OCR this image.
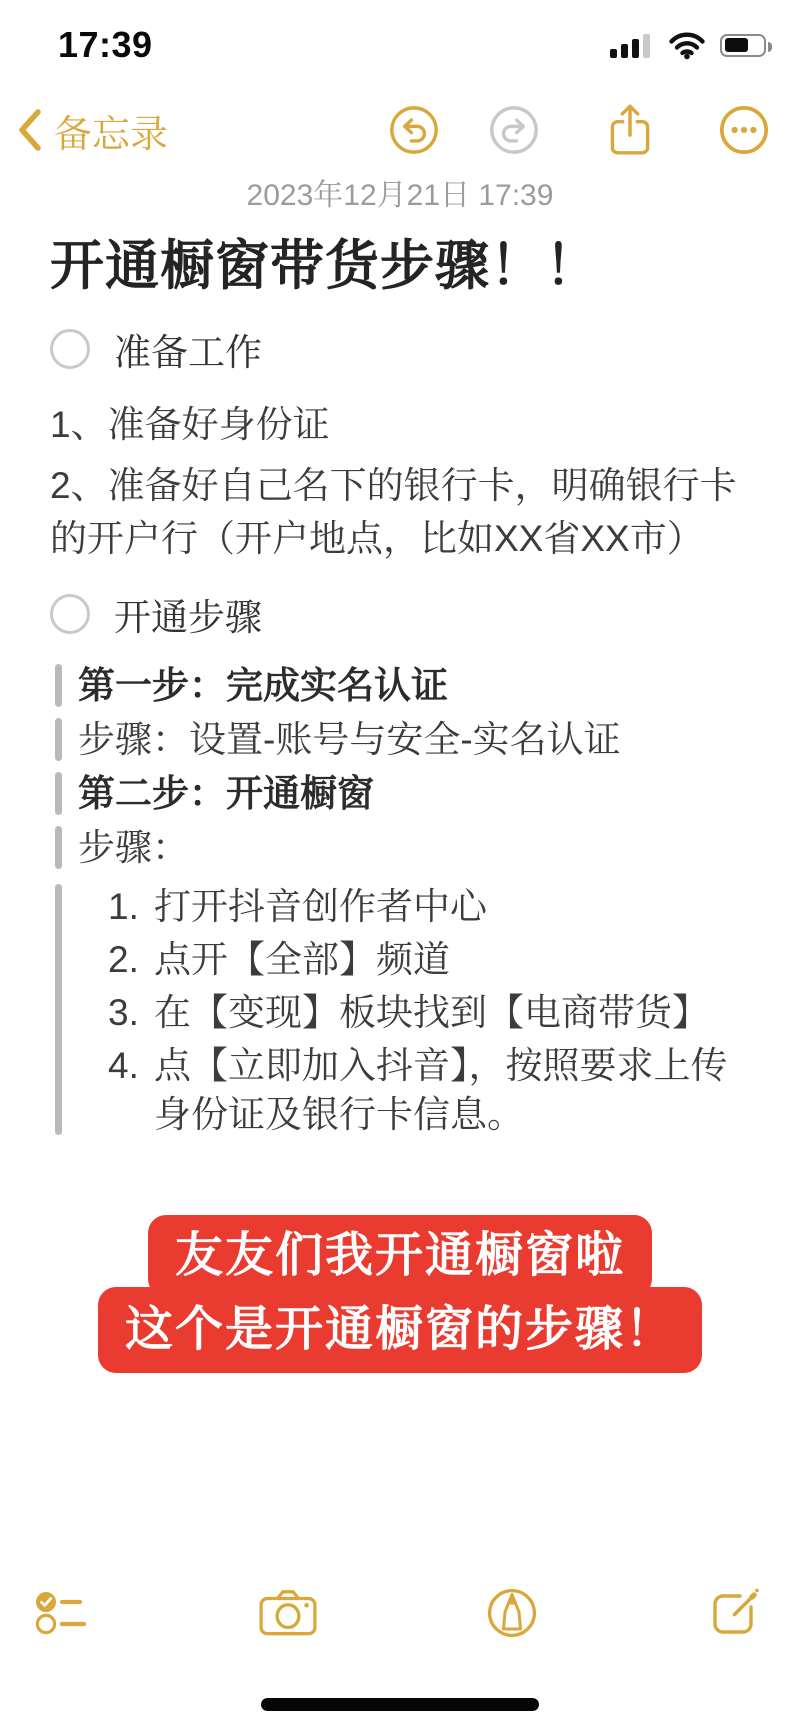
17:39
备忘录
2023年12月21日 17:39
开通橱窗带货步骤！！
准备工作
1、准备好身份证
2、准备好自己名下的银行卡，明确银行卡的开户行（开户地点，比如XX省XX市）
开通步骤
第一步：完成实名认证
步骤：设置-账号与安全-实名认证
第二步：开通橱窗
步骤：
1. 打开抖音创作者中心
2. 点开【全部】频道
3. 在【变现】板块找到【电商带货】
4. 点【立即加入抖音】，按照要求上传身份证及银行卡信息。
友友们我开通橱窗啦
这个是开通橱窗的步骤！
